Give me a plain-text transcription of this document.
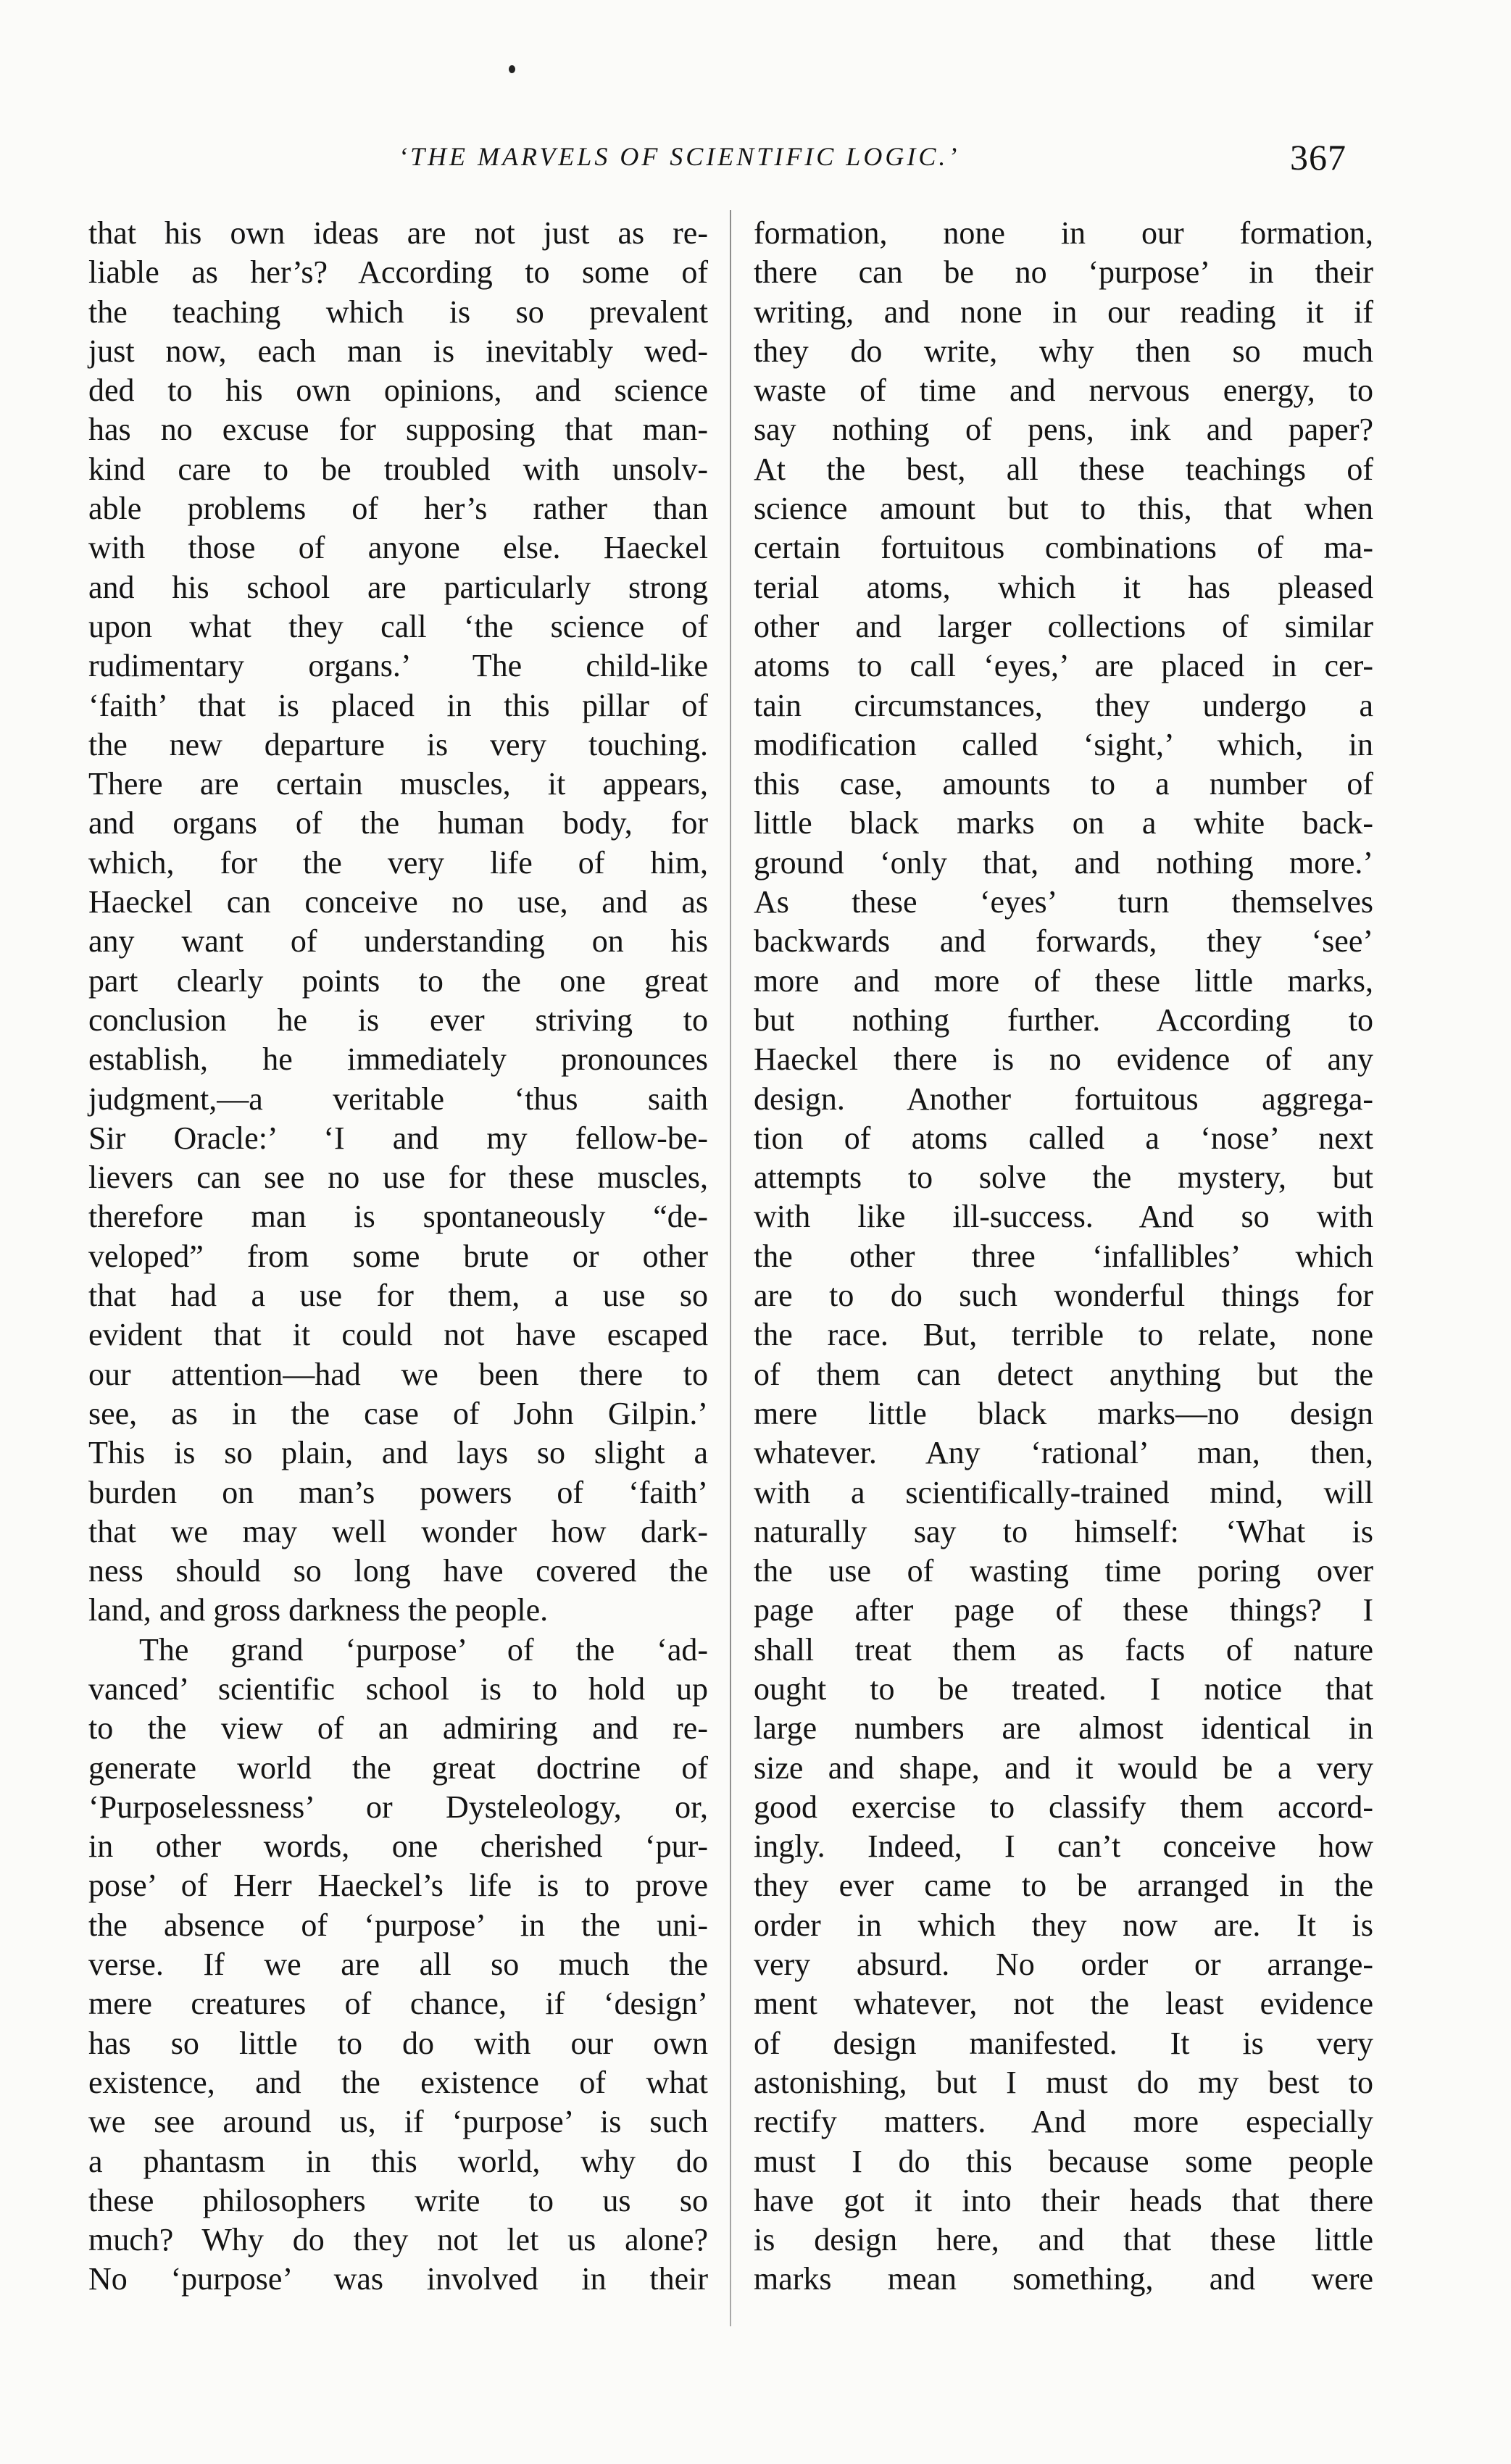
‘THE MARVELS OF SCIENTIFIC LOGIC.’	367
that his own ideas are not just as re-
liable as her’s? According to some of
the teaching which is so prevalent
just now, each man is inevitably wed-
ded to his own opinions, and science
has no excuse for supposing that man-
kind care to be troubled with unsolv-
able problems of her’s rather than
with those of anyone else. Haeckel
and his school are particularly strong
upon what they call ‘the science of
rudimentary organs.’ The child-like
‘faith’ that is placed in this pillar of
the new departure is very touching.
There are certain muscles, it appears,
and organs of the human body, for
which, for the very life of him,
Haeckel can conceive no use, and as
any want of understanding on his
part clearly points to the one great
conclusion he is ever striving to
establish, he immediately pronounces
judgment,—a veritable ‘thus saith
Sir Oracle:’ ‘I and my fellow-be-
lievers can see no use for these muscles,
therefore man is spontaneously “de-
veloped” from some brute or other
that had a use for them, a use so
evident that it could not have escaped
our attention—had we been there to
see, as in the case of John Gilpin.’
This is so plain, and lays so slight a
burden on man’s powers of ‘faith’
that we may well wonder how dark-
ness should so long have covered the
land, and gross darkness the people.
The grand ‘purpose’ of the ‘ad-
vanced’ scientific school is to hold up
to the view of an admiring and re-
generate world the great doctrine of
‘Purposelessness’ or Dysteleology, or,
in other words, one cherished ‘pur-
pose’ of Herr Haeckel’s life is to prove
the absence of ‘purpose’ in the uni-
verse. If we are all so much the
mere creatures of chance, if ‘design’
has so little to do with our own
existence, and the existence of what
we see around us, if ‘purpose’ is such
a phantasm in this world, why do
these philosophers write to us so
much? Why do they not let us alone?
No ‘purpose’ was involved in their
formation, none in our formation,
there can be no ‘purpose’ in their
writing, and none in our reading it if
they do write, why then so much
waste of time and nervous energy, to
say nothing of pens, ink and paper?
At the best, all these teachings of
science amount but to this, that when
certain fortuitous combinations of ma-
terial atoms, which it has pleased
other and larger collections of similar
atoms to call ‘eyes,’ are placed in cer-
tain circumstances, they undergo a
modification called ‘sight,’ which, in
this case, amounts to a number of
little black marks on a white back-
ground ‘only that, and nothing more.’
As these ‘eyes’ turn themselves
backwards and forwards, they ‘see’
more and more of these little marks,
but nothing further. According to
Haeckel there is no evidence of any
design. Another fortuitous aggrega-
tion of atoms called a ‘nose’ next
attempts to solve the mystery, but
with like ill-success. And so with
the other three ‘infallibles’ which
are to do such wonderful things for
the race. But, terrible to relate, none
of them can detect anything but the
mere little black marks—no design
whatever. Any ‘rational’ man, then,
with a scientifically-trained mind, will
naturally say to himself: ‘What is
the use of wasting time poring over
page after page of these things? I
shall treat them as facts of nature
ought to be treated. I notice that
large numbers are almost identical in
size and shape, and it would be a very
good exercise to classify them accord-
ingly. Indeed, I can’t conceive how
they ever came to be arranged in the
order in which they now are. It is
very absurd. No order or arrange-
ment whatever, not the least evidence
of design manifested. It is very
astonishing, but I must do my best to
rectify matters. And more especially
must I do this because some people
have got it into their heads that there
is design here, and that these little
marks mean something, and were
